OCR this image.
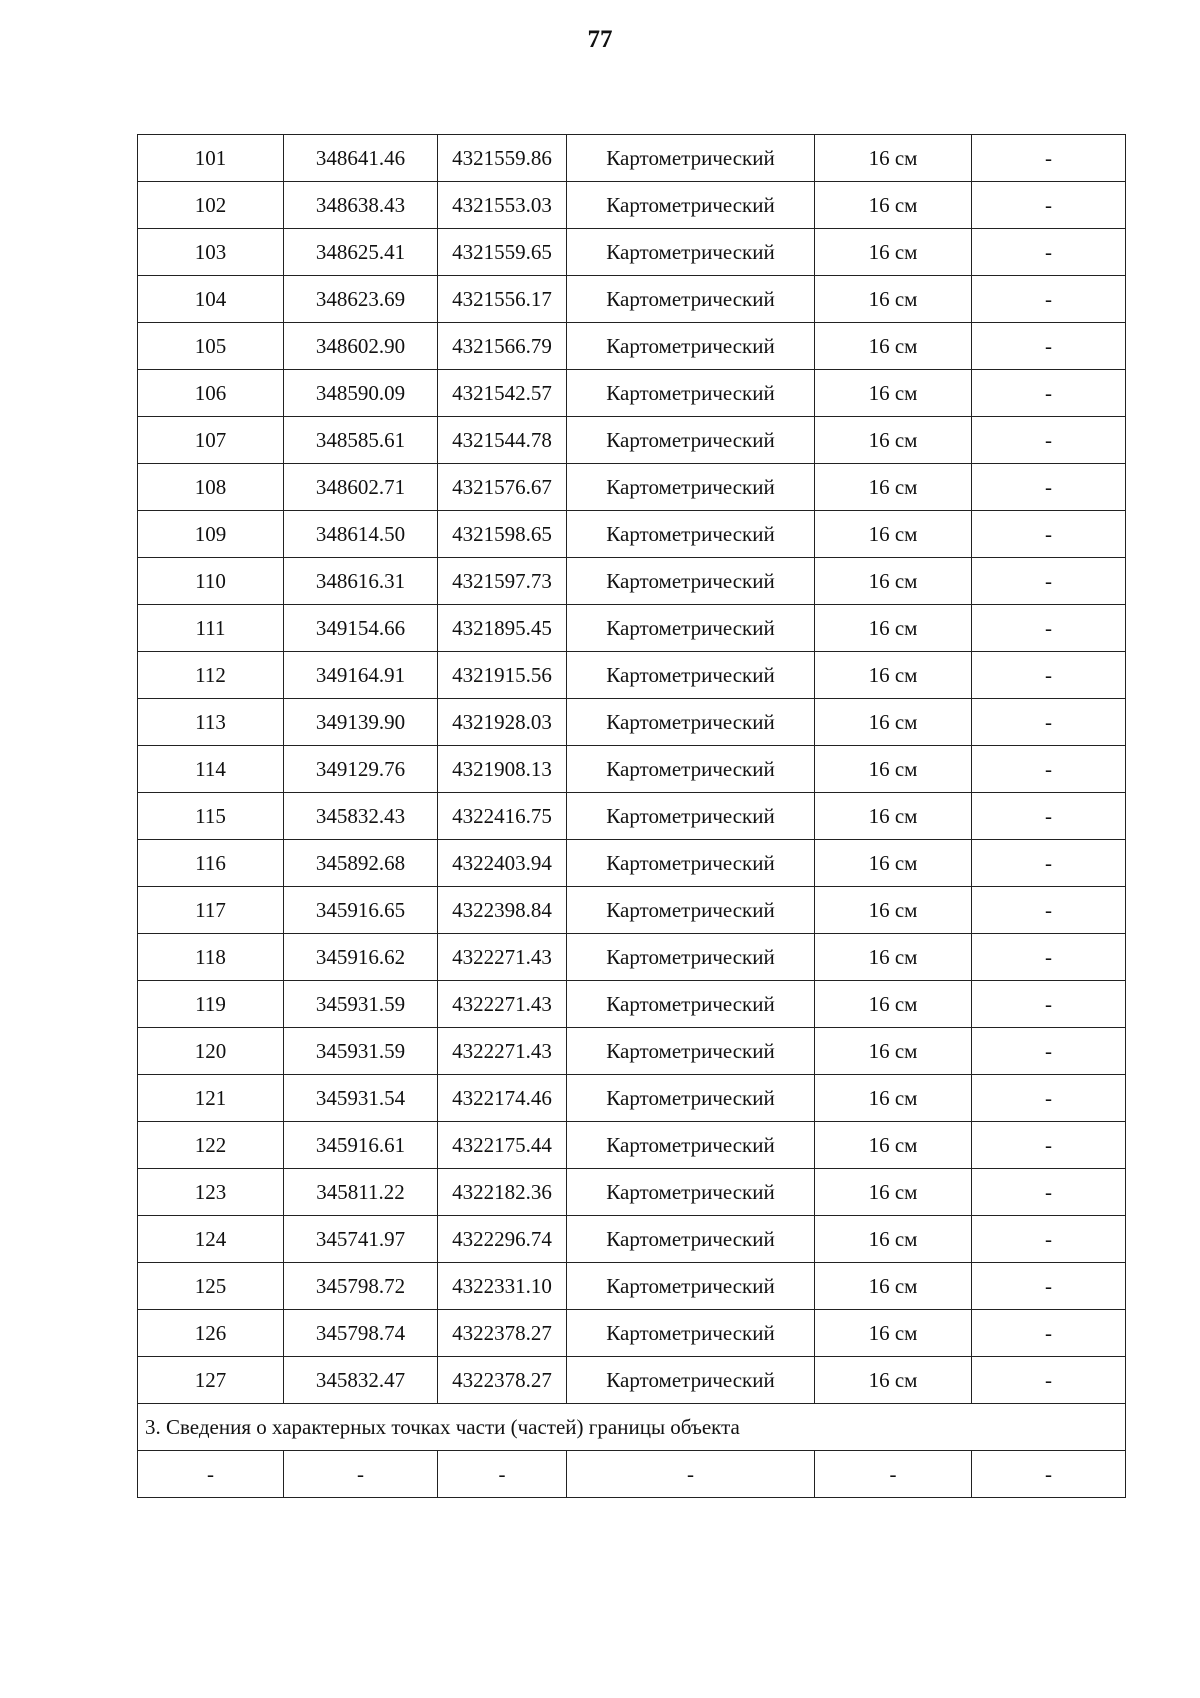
77
101	348641.46	4321559.86	Картометрический	16 см	-
102	348638.43	4321553.03	Картометрический	16 см	-
103	348625.41	4321559.65	Картометрический	16 см	-
104	348623.69	4321556.17	Картометрический	16 см	-
105	348602.90	4321566.79	Картометрический	16 см	-
106	348590.09	4321542.57	Картометрический	16 см	-
107	348585.61	4321544.78	Картометрический	16 см	-
108	348602.71	4321576.67	Картометрический	16 см	-
109	348614.50	4321598.65	Картометрический	16 см	-
110	348616.31	4321597.73	Картометрический	16 см	-
111	349154.66	4321895.45	Картометрический	16 см	-
112	349164.91	4321915.56	Картометрический	16 см	-
113	349139.90	4321928.03	Картометрический	16 см	-
114	349129.76	4321908.13	Картометрический	16 см	-
115	345832.43	4322416.75	Картометрический	16 см	-
116	345892.68	4322403.94	Картометрический	16 см	-
117	345916.65	4322398.84	Картометрический	16 см	-
118	345916.62	4322271.43	Картометрический	16 см	-
119	345931.59	4322271.43	Картометрический	16 см	-
120	345931.59	4322271.43	Картометрический	16 см	-
121	345931.54	4322174.46	Картометрический	16 см	-
122	345916.61	4322175.44	Картометрический	16 см	-
123	345811.22	4322182.36	Картометрический	16 см	-
124	345741.97	4322296.74	Картометрический	16 см	-
125	345798.72	4322331.10	Картометрический	16 см	-
126	345798.74	4322378.27	Картометрический	16 см	-
127	345832.47	4322378.27	Картометрический	16 см	-
3. Сведения о характерных точках части (частей) границы объекта					
-	-	-	-	-	-
